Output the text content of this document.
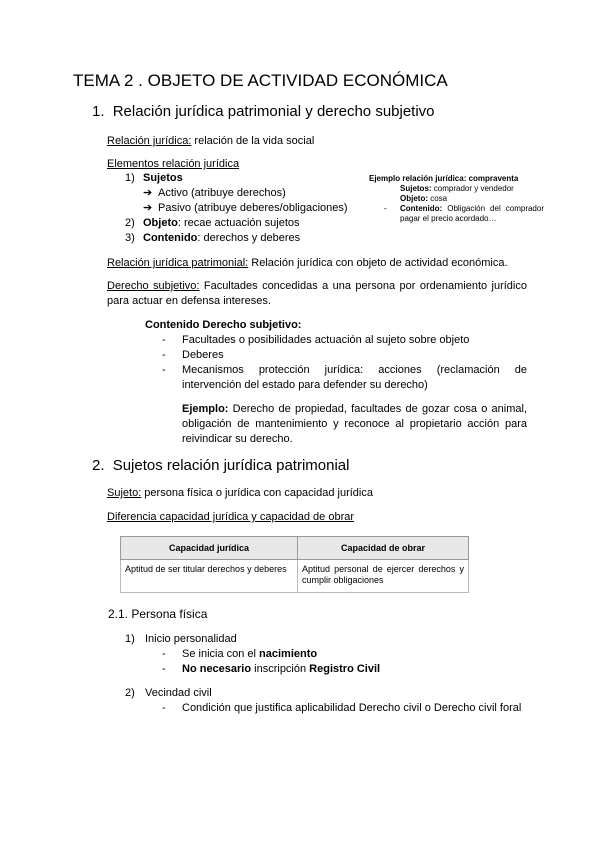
TEMA 2 . OBJETO DE ACTIVIDAD ECONÓMICA
1. Relación jurídica patrimonial y derecho subjetivo
Relación jurídica: relación de la vida social
Elementos relación jurídica
1) Sujetos
➔ Activo (atribuye derechos)
➔ Pasivo (atribuye deberes/obligaciones)
2) Objeto: recae actuación sujetos
3) Contenido: derechos y deberes
Ejemplo relación jurídica: compraventa
Sujetos: comprador y vendedor
Objeto: cosa
-	Contenido: Obligación del comprador pagar el precio acordado…
Relación jurídica patrimonial: Relación jurídica con objeto de actividad económica.
Derecho subjetivo: Facultades concedidas a una persona por ordenamiento jurídico para actuar en defensa intereses.
Contenido Derecho subjetivo:
-	Facultades o posibilidades actuación al sujeto sobre objeto
-	Deberes
-	Mecanismos protección jurídica: acciones (reclamación de intervención del estado para defender su derecho)
Ejemplo: Derecho de propiedad, facultades de gozar cosa o animal, obligación de mantenimiento y reconoce al propietario acción para reivindicar su derecho.
2. Sujetos relación jurídica patrimonial
Sujeto: persona física o jurídica con capacidad jurídica
Diferencia capacidad jurídica y capacidad de obrar
Capacidad jurídica	Capacidad de obrar
Aptitud de ser titular derechos y deberes	Aptitud personal de ejercer derechos y cumplir obligaciones
2.1. Persona física
1) Inicio personalidad
-	Se inicia con el nacimiento
-	No necesario inscripción Registro Civil
2) Vecindad civil
-	Condición que justifica aplicabilidad Derecho civil o Derecho civil foral
